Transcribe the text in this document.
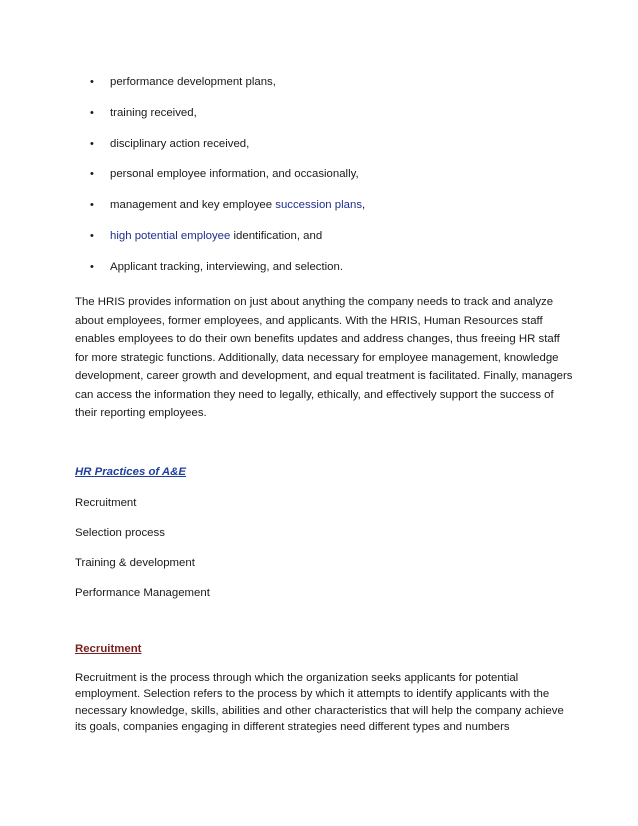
• performance development plans,
• training received,
• disciplinary action received,
• personal employee information, and occasionally,
• management and key employee succession plans,
• high potential employee identification, and
• Applicant tracking, interviewing, and selection.

The HRIS provides information on just about anything the company needs to track and analyze about employees, former employees, and applicants. With the HRIS, Human Resources staff enables employees to do their own benefits updates and address changes, thus freeing HR staff for more strategic functions. Additionally, data necessary for employee management, knowledge development, career growth and development, and equal treatment is facilitated. Finally, managers can access the information they need to legally, ethically, and effectively support the success of their reporting employees.

HR Practices of A&E

Recruitment
Selection process
Training & development
Performance Management

Recruitment

Recruitment is the process through which the organization seeks applicants for potential employment. Selection refers to the process by which it attempts to identify applicants with the necessary knowledge, skills, abilities and other characteristics that will help the company achieve its goals, companies engaging in different strategies need different types and numbers
